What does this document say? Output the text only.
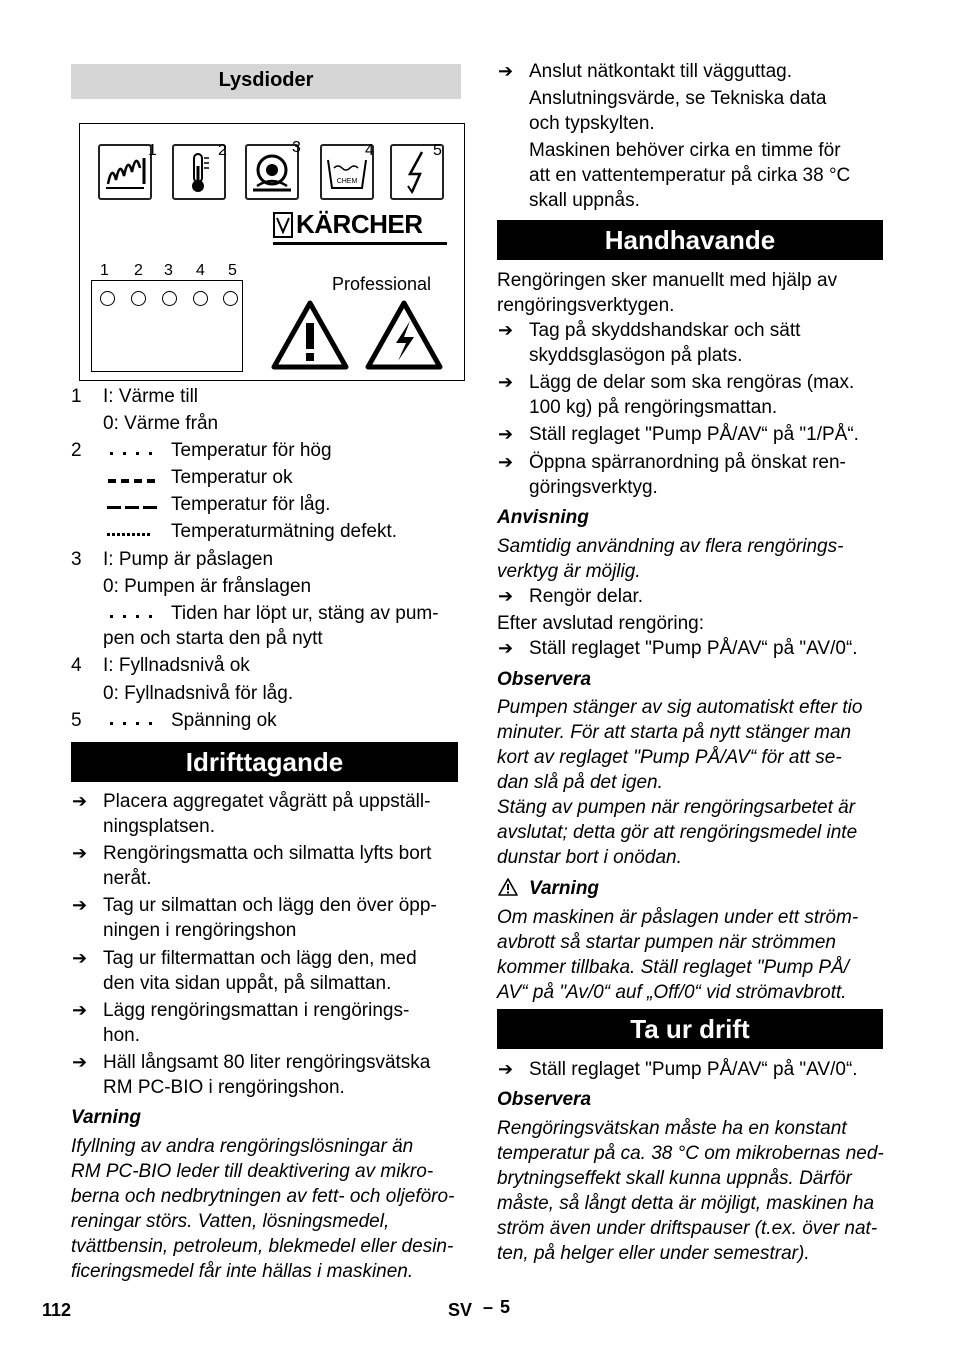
Lysdioder
1	2	3
CHEM
4	5
KÄRCHER
1 2 3 4 5
Professional
1 I: Värme till
0: Värme från
2	Temperatur för hög
Temperatur ok
Temperatur för låg.
Temperaturmätning defekt.
3 I: Pump är påslagen
0: Pumpen är frånslagen
Tiden har löpt ur, stäng av pum-
pen och starta den på nytt
4 I: Fyllnadsnivå ok
0: Fyllnadsnivå för låg.
5	Spänning ok
Idrifttagande
➔ Placera aggregatet vågrätt på uppställ-
ningsplatsen.
➔ Rengöringsmatta och silmatta lyfts bort
neråt.
➔ Tag ur silmattan och lägg den över öpp-
ningen i rengöringshon
➔ Tag ur filtermattan och lägg den, med
den vita sidan uppåt, på silmattan.
➔ Lägg rengöringsmattan i rengörings-
hon.
➔ Häll långsamt 80 liter rengöringsvätska
RM PC-BIO i rengöringshon.
Varning
Ifyllning av andra rengöringslösningar än
RM PC-BIO leder till deaktivering av mikro-
berna och nedbrytningen av fett- och oljeföro-
reningar störs. Vatten, lösningsmedel,
tvättbensin, petroleum, blekmedel eller desin-
ficeringsmedel får inte hällas i maskinen.
➔ Anslut nätkontakt till vägguttag.
Anslutningsvärde, se Tekniska data
och typskylten.
Maskinen behöver cirka en timme för
att en vattentemperatur på cirka 38 °C
skall uppnås.
Handhavande
Rengöringen sker manuellt med hjälp av
rengöringsverktygen.
➔ Tag på skyddshandskar och sätt
skyddsglasögon på plats.
➔ Lägg de delar som ska rengöras (max.
100 kg) på rengöringsmattan.
➔ Ställ reglaget "Pump PÅ/AV“ på "1/PÅ“.
➔ Öppna spärranordning på önskat ren-
göringsverktyg.
Anvisning
Samtidig användning av flera rengörings-
verktyg är möjlig.
➔ Rengör delar.
Efter avslutad rengöring:
➔ Ställ reglaget "Pump PÅ/AV“ på "AV/0“.
Observera
Pumpen stänger av sig automatiskt efter tio
minuter. För att starta på nytt stänger man
kort av reglaget "Pump PÅ/AV“ för att se-
dan slå på det igen.
Stäng av pumpen när rengöringsarbetet är
avslutat; detta gör att rengöringsmedel inte
dunstar bort i onödan.
Varning
Om maskinen är påslagen under ett ström-
avbrott så startar pumpen när strömmen
kommer tillbaka. Ställ reglaget "Pump PÅ/
AV“ på "Av/0“ auf „Off/0“ vid strömavbrott.
Ta ur drift
➔ Ställ reglaget "Pump PÅ/AV“ på "AV/0“.
Observera
Rengöringsvätskan måste ha en konstant
temperatur på ca. 38 °C om mikrobernas ned-
brytningseffekt skall kunna uppnås. Därför
måste, så långt detta är möjligt, maskinen ha
ström även under driftspauser (t.ex. över nat-
ten, på helger eller under semestrar).
112	SV – 5
